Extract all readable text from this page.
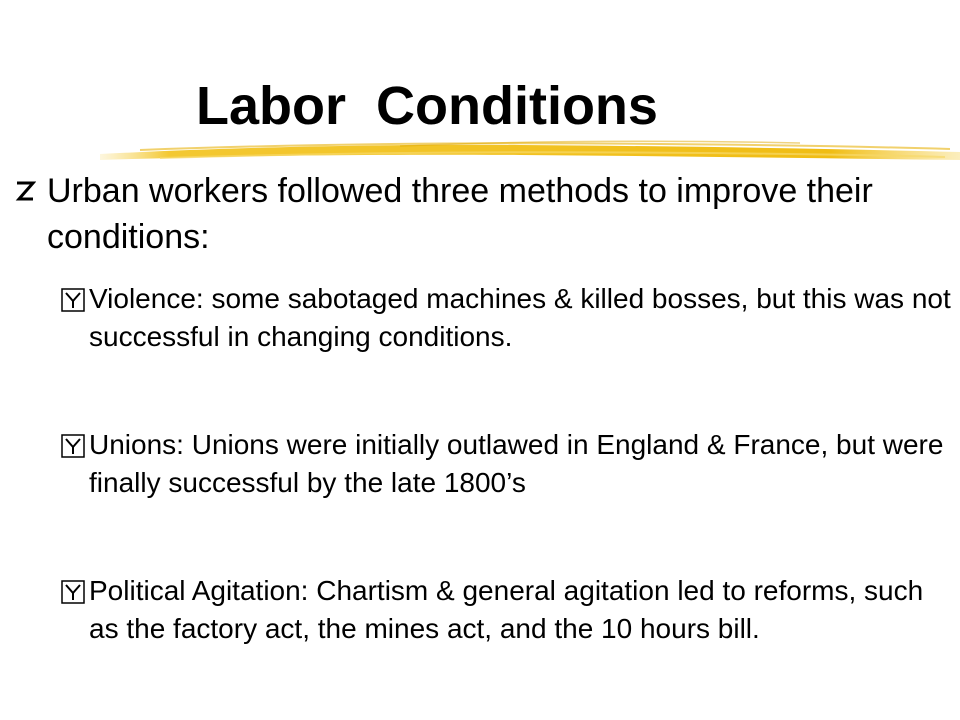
Labor  Conditions
Urban workers followed three methods to improve their conditions:
Violence: some sabotaged machines & killed bosses, but this was not successful in changing conditions.
Unions: Unions were initially outlawed in England & France, but were finally successful by the late 1800’s
Political Agitation: Chartism & general agitation led to reforms, such as the factory act, the mines act, and the 10 hours bill.
